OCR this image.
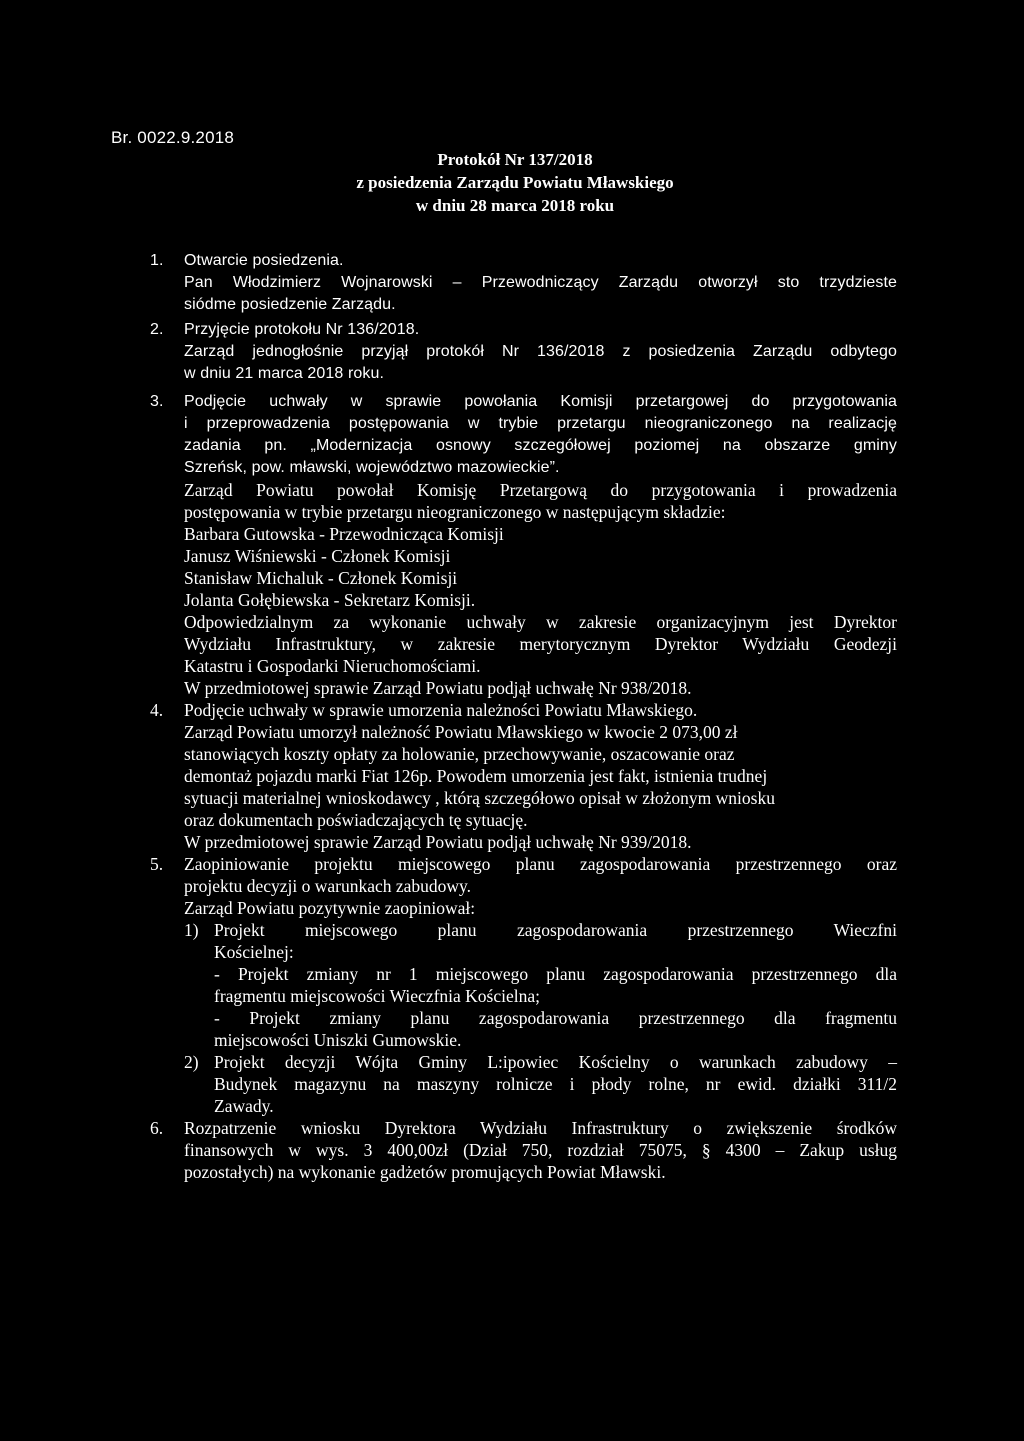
Br. 0022.9.2018
Protokół Nr 137/2018
z posiedzenia Zarządu Powiatu Mławskiego
w dniu 28 marca 2018 roku
1. Otwarcie posiedzenia.

Pan Włodzimierz Wojnarowski – Przewodniczący Zarządu otworzył sto trzydzieste

siódme posiedzenie Zarządu.

2. Przyjęcie protokołu Nr 136/2018.

Zarząd jednogłośnie przyjął protokół Nr 136/2018 z posiedzenia Zarządu odbytego

w dniu 21 marca 2018 roku.

3. Podjęcie uchwały w sprawie powołania Komisji przetargowej do przygotowania

i przeprowadzenia postępowania w trybie przetargu nieograniczonego na realizację

zadania pn. „Modernizacja osnowy szczegółowej poziomej na obszarze gminy

Szreńsk, pow. mławski, województwo mazowieckie”.

Zarząd Powiatu powołał Komisję Przetargową do przygotowania i prowadzenia

postępowania w trybie przetargu nieograniczonego w następującym składzie:

Barbara Gutowska - Przewodnicząca Komisji

Janusz Wiśniewski - Członek Komisji

Stanisław Michaluk - Członek Komisji

Jolanta Gołębiewska - Sekretarz Komisji.

Odpowiedzialnym za wykonanie uchwały w zakresie organizacyjnym jest Dyrektor

Wydziału Infrastruktury, w zakresie merytorycznym Dyrektor Wydziału Geodezji

Katastru i Gospodarki Nieruchomościami.

W przedmiotowej sprawie Zarząd Powiatu podjął uchwałę Nr 938/2018.

4. Podjęcie uchwały w sprawie umorzenia należności Powiatu Mławskiego.

Zarząd Powiatu umorzył należność Powiatu Mławskiego w kwocie 2 073,00 zł

stanowiących koszty opłaty za holowanie, przechowywanie, oszacowanie oraz

demontaż pojazdu marki Fiat 126p. Powodem umorzenia jest fakt, istnienia trudnej

sytuacji materialnej wnioskodawcy , którą szczegółowo opisał w złożonym wniosku

oraz dokumentach poświadczających tę sytuację.

W przedmiotowej sprawie Zarząd Powiatu podjął uchwałę Nr 939/2018.

5. Zaopiniowanie projektu miejscowego planu zagospodarowania przestrzennego oraz

projektu decyzji o warunkach zabudowy.

Zarząd Powiatu pozytywnie zaopiniował:

1) Projekt miejscowego planu zagospodarowania przestrzennego Wieczfni

Kościelnej:

- Projekt zmiany nr 1 miejscowego planu zagospodarowania przestrzennego dla

fragmentu miejscowości Wieczfnia Kościelna;

- Projekt zmiany planu zagospodarowania przestrzennego dla fragmentu

miejscowości Uniszki Gumowskie.

2) Projekt decyzji Wójta Gminy L:ipowiec Kościelny o warunkach zabudowy –

Budynek magazynu na maszyny rolnicze i płody rolne, nr ewid. działki 311/2

Zawady.

6. Rozpatrzenie wniosku Dyrektora Wydziału Infrastruktury o zwiększenie środków

finansowych w wys. 3 400,00zł (Dział 750, rozdział 75075, § 4300 – Zakup usług

pozostałych) na wykonanie gadżetów promujących Powiat Mławski.
